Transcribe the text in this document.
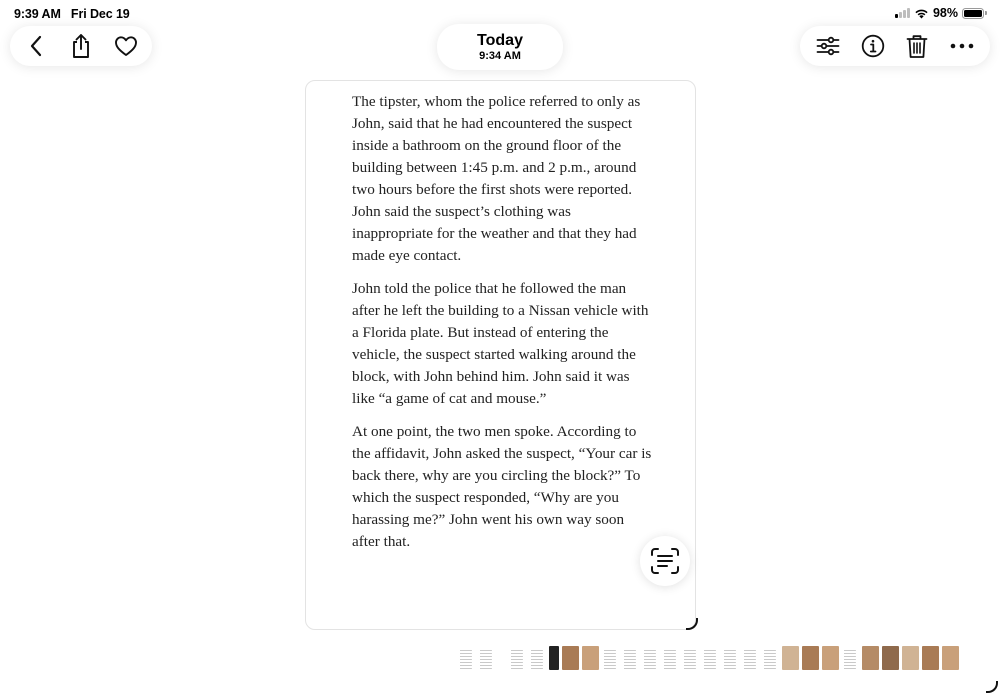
9:39 AM Fri Dec 19	98%
Today
9:34 AM

The tipster, whom the police referred to only as John, said that he had encountered the suspect inside a bathroom on the ground floor of the building between 1:45 p.m. and 2 p.m., around two hours before the first shots were reported. John said the suspect’s clothing was inappropriate for the weather and that they had made eye contact.

John told the police that he followed the man after he left the building to a Nissan vehicle with a Florida plate. But instead of entering the vehicle, the suspect started walking around the block, with John behind him. John said it was like “a game of cat and mouse.”

At one point, the two men spoke. According to the affidavit, John asked the suspect, “Your car is back there, why are you circling the block?” To which the suspect responded, “Why are you harassing me?” John went his own way soon after that.
